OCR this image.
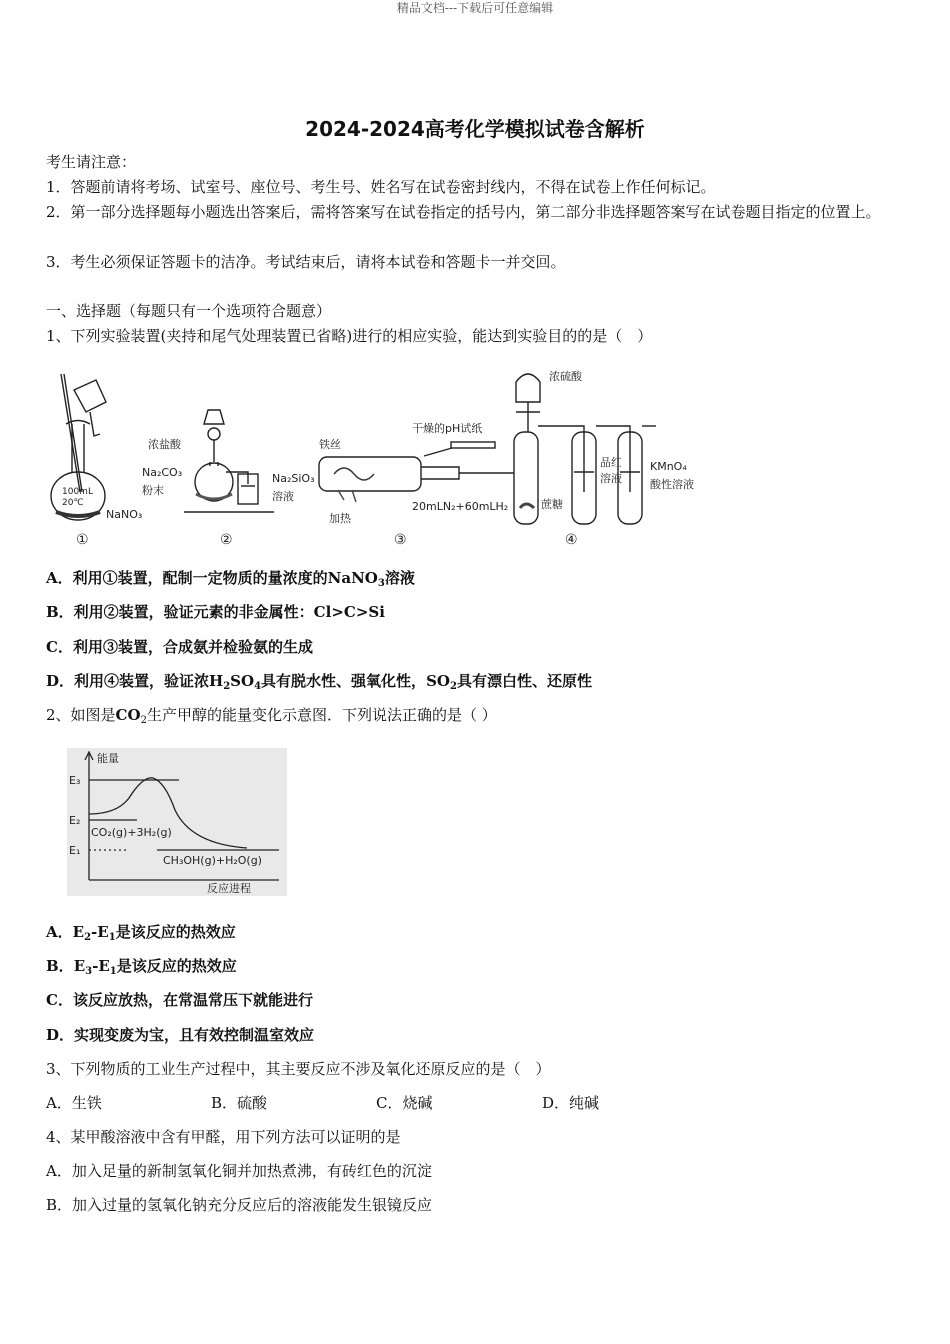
精品文档---下载后可任意编辑
2024-2024高考化学模拟试卷含解析
考生请注意：
1．答题前请将考场、试室号、座位号、考生号、姓名写在试卷密封线内，不得在试卷上作任何标记。
2．第一部分选择题每小题选出答案后，需将答案写在试卷指定的括号内，第二部分非选择题答案写在试卷题目指定的位置上。
3．考生必须保证答题卡的洁净。考试结束后，请将本试卷和答题卡一并交回。
一、选择题（每题只有一个选项符合题意）
1、下列实验装置(夹持和尾气处理装置已省略)进行的相应实验，能达到实验目的的是（　）
100mL 20℃
NaNO₃
浓盐酸
Na₂CO₃
粉末
Na₂SiO₃
溶液
铁丝
干燥的pH试纸
加热
20mLN₂+60mLH₂
浓硫酸
蔗糖
品红
溶液
KMnO₄
酸性溶液
①	②	③	④
A．利用①装置，配制一定物质的量浓度的NaNO$_3$溶液
B．利用②装置，验证元素的非金属性：Cl>C>Si
C．利用③装置，合成氨并检验氨的生成
D．利用④装置，验证浓$H_2SO_4$具有脱水性、强氧化性，$SO_2$具有漂白性、还原性
2、如图是$CO_2$生产甲醇的能量变化示意图．下列说法正确的是（ ）
能量
E₃
E₂
E₁
CO₂(g)+3H₂(g)
CH₃OH(g)+H₂O(g)
反应进程
A．$E_2-E_1$是该反应的热效应
B．$E_3-E_1$是该反应的热效应
C．该反应放热，在常温常压下就能进行
D．实现变废为宝，且有效控制温室效应
3、下列物质的工业生产过程中，其主要反应不涉及氧化还原反应的是（　）
A．生铁	B．硫酸	C．烧碱	D．纯碱
4、某甲酸溶液中含有甲醛，用下列方法可以证明的是
A．加入足量的新制氢氧化铜并加热煮沸，有砖红色的沉淀
B．加入过量的氢氧化钠充分反应后的溶液能发生银镜反应
